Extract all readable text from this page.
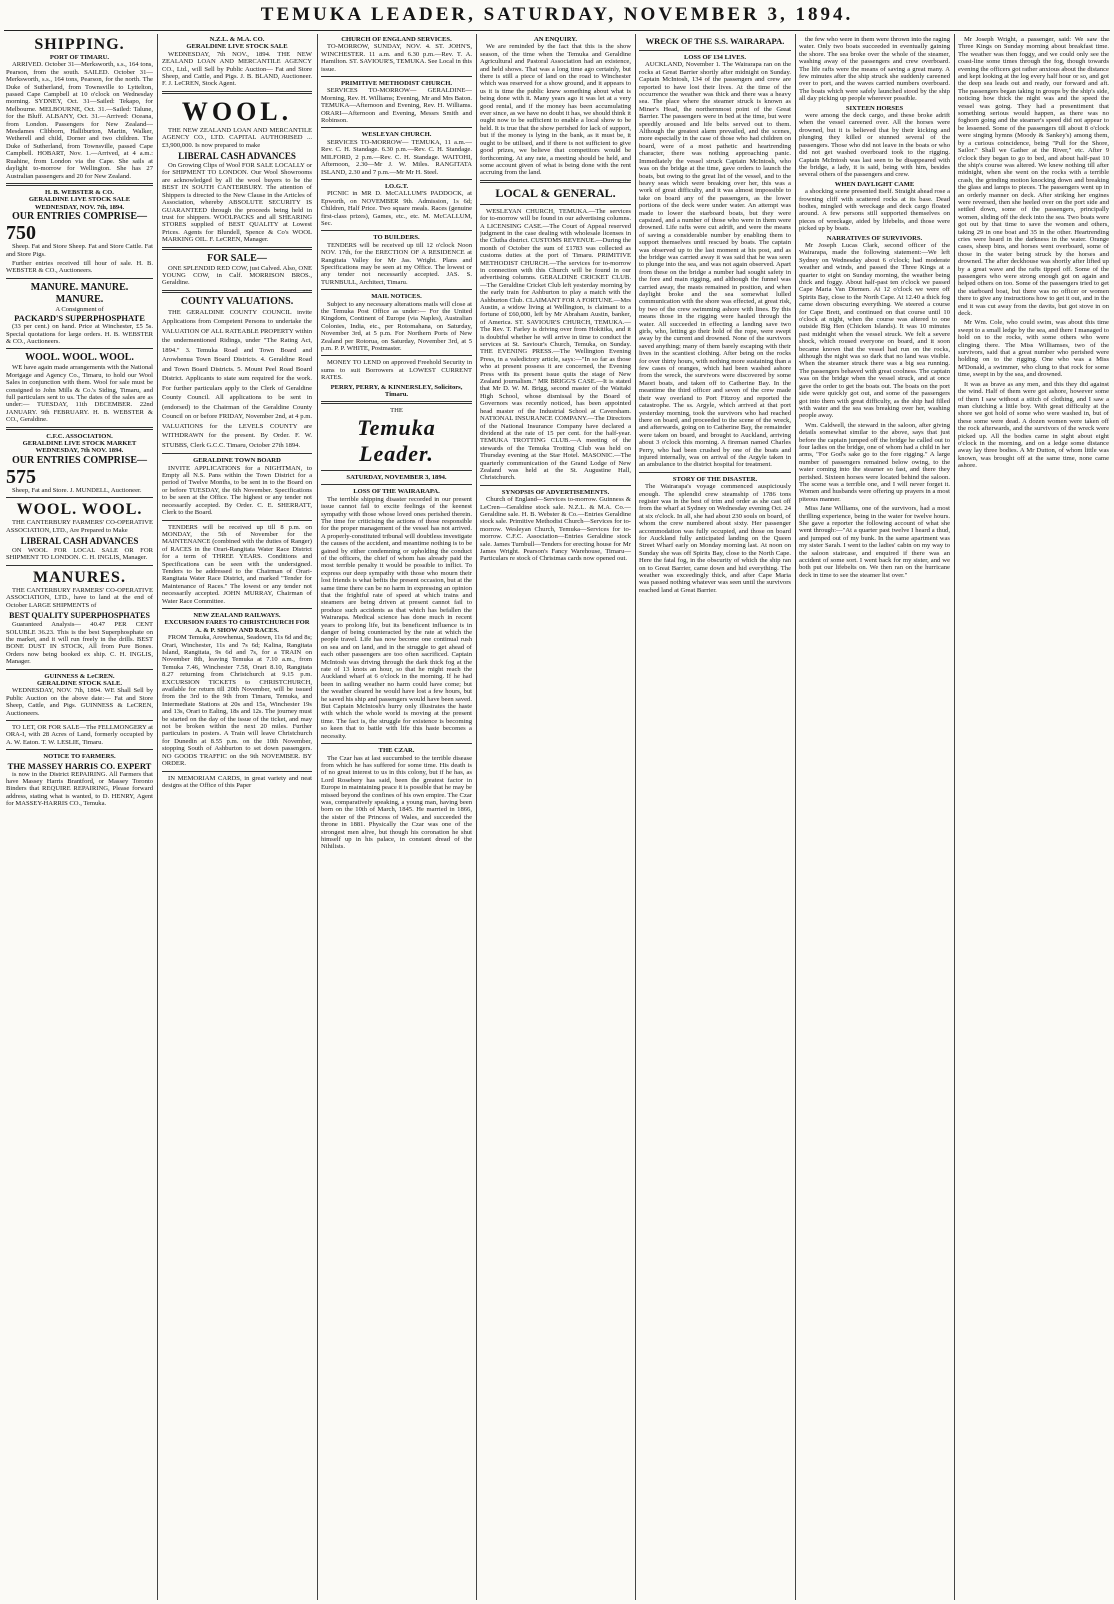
TEMUKA LEADER, SATURDAY, NOVEMBER 3, 1894.
SHIPPING.
PORT OF TIMARU.

ARRIVED. October 31—Merksworth, s.s., 164 tons, Pearson, from the south. SAILED. October 31—Merksworth, s.s., 164 tons, Pearson, for the north. The Duke of Sutherland, from Townsville to Lyttelton, passed Cape Campbell at 10 o'clock on Wednesday morning. SYDNEY, Oct. 31—Sailed: Tekapo, for Melbourne. MELBOURNE, Oct. 31.—Sailed: Talune, for the Bluff. ALBANY, Oct. 31.—Arrived: Oceana, from London. Passengers for New Zealand—Mesdames Clibborn, Halliburton, Martin, Walker, Wetherell and child, Dorner and two children. The Duke of Sutherland, from Townsville, passed Cape Campbell. HOBART, Nov. 1.—Arrived, at 4 a.m.: Ruahine, from London via the Cape. She sails at daylight to-morrow for Wellington. She has 27 Australian passengers and 20 for New Zealand.

H. B. WEBSTER & CO.
GERALDINE LIVE STOCK SALE
WEDNESDAY, NOV. 7th, 1894.
OUR ENTRIES COMPRISE—
750

Sheep. Fat and Store Sheep. Fat and Store Cattle. Fat and Store Pigs.

Further entries received till hour of sale. H. B. WEBSTER & CO., Auctioneers.

MANURE. MANURE. MANURE.
A Consignment of
PACKARD'S SUPERPHOSPHATE

(33 per cent.) on hand. Price at Winchester, £5 5s. Special quotations for large orders. H. B. WEBSTER & CO., Auctioneers.

WOOL. WOOL. WOOL.

WE have again made arrangements with the National Mortgage and Agency Co., Timaru, to hold our Wool Sales in conjunction with them. Wool for sale must be consigned to John Mills & Co.'s Siding, Timaru, and full particulars sent to us. The dates of the sales are as under:— TUESDAY, 11th DECEMBER. 22nd JANUARY. 9th FEBRUARY. H. B. WEBSTER & CO., Geraldine.

C.F.C. ASSOCIATION.
GERALDINE LIVE STOCK MARKET
WEDNESDAY, 7th NOV. 1894.
OUR ENTRIES COMPRISE—
575

Sheep, Fat and Store. J. MUNDELL, Auctioneer.

WOOL. WOOL.

THE CANTERBURY FARMERS' CO-OPERATIVE ASSOCIATION, LTD., Are Prepared to Make

LIBERAL CASH ADVANCES

ON WOOL FOR LOCAL SALE OR FOR SHIPMENT TO LONDON. C. H. INGLIS, Manager.

MANURES.

THE CANTERBURY FARMERS' CO-OPERATIVE ASSOCIATION, LTD., have to land at the end of October LARGE SHIPMENTS of

BEST QUALITY SUPERPHOSPHATES

Guaranteed Analysis— 40.47 PER CENT SOLUBLE 36.23. This is the best Superphosphate on the market, and it will run freely in the drills. BEST BONE DUST IN STOCK, All from Pure Bones. Orders now being booked ex ship. C. H. INGLIS, Manager.

GUINNESS & LeCREN.
GERALDINE STOCK SALE.

WEDNESDAY, NOV. 7th, 1894. WE Shall Sell by Public Auction on the above date:— Fat and Store Sheep, Cattle, and Pigs. GUINNESS & LeCREN, Auctioneers.

TO LET, OR FOR SALE—The FELLMONGERY at ORA-I, with 28 Acres of Land, formerly occupied by A. W. Eaton. T. W. LESLIE, Timaru.

NOTICE TO FARMERS.
THE MASSEY HARRIS CO. EXPERT

is now in the District REPAIRING. All Farmers that have Massey Harris Brantford, or Massey Toronto Binders that REQUIRE REPAIRING, Please forward address, stating what is wanted, to D. HENRY, Agent for MASSEY-HARRIS CO., Temuka.

N.Z.L. & M.A. CO.
GERALDINE LIVE STOCK SALE

WEDNESDAY, 7th NOV., 1894. THE NEW ZEALAND LOAN AND MERCANTILE AGENCY CO., Ltd., will Sell by Public Auction— Fat and Store Sheep, and Cattle, and Pigs. J. B. BLAND, Auctioneer. F. J. LeCREN, Stock Agent.

WOOL.

THE NEW ZEALAND LOAN AND MERCANTILE AGENCY CO., LTD. CAPITAL AUTHORISED ... £3,900,000. Is now prepared to make

LIBERAL CASH ADVANCES

On Growing Clips of Wool FOR SALE LOCALLY or for SHIPMENT TO LONDON. Our Wool Showrooms are acknowledged by all the wool buyers to be the BEST IN SOUTH CANTERBURY. The attention of Shippers is directed to the New Clause in the Articles of Association, whereby ABSOLUTE SECURITY IS GUARANTEED through the proceeds being held in trust for shippers. WOOLPACKS and all SHEARING STORES supplied of BEST QUALITY at Lowest Prices. Agents for Blundell, Spence & Co's WOOL MARKING OIL. F. LeCREN, Manager.

FOR SALE—

ONE SPLENDID RED COW, just Calved. Also, ONE YOUNG COW, in Calf. MORRISON BROS., Geraldine.

COUNTY VALUATIONS.

THE GERALDINE COUNTY COUNCIL invite Applications from Competent Persons to undertake the VALUATION OF ALL RATEABLE PROPERTY within the undermentioned Ridings, under "The Rating Act, 1894." 3. Temuka Road and Town Board and Arowhenua Town Board Districts. 4. Geraldine Road and Town Board Districts. 5. Mount Peel Road Board District. Applicants to state sum required for the work. For further particulars apply to the Clerk of Geraldine County Council. All applications to be sent in (endorsed) to the Chairman of the Geraldine County Council on or before FRIDAY, November 2nd, at 4 p.m. VALUATIONS for the LEVELS COUNTY are WITHDRAWN for the present. By Order. F. W. STUBBS, Clerk G.C.C. Timaru, October 27th 1894.

GERALDINE TOWN BOARD

INVITE APPLICATIONS for a NIGHTMAN, to Empty all N.S. Pans within the Town District for a period of Twelve Months, to be sent in to the Board on or before TUESDAY, the 6th November. Specifications to be seen at the Office. The highest or any tender not necessarily accepted. By Order. C. E. SHERRATT, Clerk to the Board.

TENDERS will be received up till 8 p.m. on MONDAY, the 5th of November for the MAINTENANCE (combined with the duties of Ranger) of RACES in the Orari-Rangitata Water Race District for a term of THREE YEARS. Conditions and Specifications can be seen with the undersigned. Tenders to be addressed to the Chairman of Orari-Rangitata Water Race District, and marked "Tender for Maintenance of Races." The lowest or any tender not necessarily accepted. JOHN MURRAY, Chairman of Water Race Committee.

NEW ZEALAND RAILWAYS.
EXCURSION FARES TO CHRISTCHURCH FOR A. & P. SHOW AND RACES.

FROM Temuka, Arowhenua, Seadown, 11s 6d and 8s; Orari, Winchester, 11s and 7s 6d; Kalina, Rangitata Island, Rangitata, 9s 6d and 7s, for a TRAIN on November 8th, leaving Temuka at 7.10 a.m., from Temuka 7.46, Winchester 7.58, Orari 8.10, Rangitata 8.27 returning from Christchurch at 9.15 p.m. EXCURSION TICKETS to CHRISTCHURCH, available for return till 20th November, will be issued from the 3rd to the 9th from Timaru, Temuka, and Intermediate Stations at 20s and 15s, Winchester 19s and 13s, Orari to Ealing, 18s and 12s. The journey must be started on the day of the issue of the ticket, and may not be broken within the next 20 miles. Further particulars in posters. A Train will leave Christchurch for Dunedin at 8.55 p.m. on the 10th November, stopping South of Ashburton to set down passengers. NO GOODS TRAFFIC on the 9th NOVEMBER. BY ORDER.

IN MEMORIAM CARDS, in great variety and neat designs at the Office of this Paper

CHURCH OF ENGLAND SERVICES.

TO-MORROW, SUNDAY, NOV. 4. ST. JOHN'S, WINCHESTER. 11 a.m. and 6.30 p.m.—Rev. T. A. Hamilton. ST. SAVIOUR'S, TEMUKA. See Local in this issue.

PRIMITIVE METHODIST CHURCH.

SERVICES TO-MORROW— GERALDINE—Morning, Rev. H. Williams; Evening, Mr and Mrs Baton. TEMUKA—Afternoon and Evening, Rev. H. Williams. ORARI—Afternoon and Evening, Messrs Smith and Robinson.

WESLEYAN CHURCH.

SERVICES TO-MORROW— TEMUKA, 11 a.m.—Rev. C. H. Standage. 6.30 p.m.—Rev. C. H. Standage. MILFORD, 2 p.m.—Rev. C. H. Standage. WAITOHI, Afternoon, 2.30—Mr J. W. Miles. RANGITATA ISLAND, 2.30 and 7 p.m.—Mr Mr H. Steel.

I.O.G.T.

PICNIC in MR D. McCALLUM'S PADDOCK, at Epworth, on NOVEMBER 9th. Admission, 1s 6d; Children, Half Price. Two square meals. Races (genuine first-class prizes), Games, etc., etc. M. McCALLUM, Sec.

TO BUILDERS.

TENDERS will be received up till 12 o'clock Noon NOV. 17th, for the ERECTION OF A RESIDENCE at Rangitata Valley for Mr Jas. Wright. Plans and Specifications may be seen at my Office. The lowest or any tender not necessarily accepted. JAS. S. TURNBULL, Architect, Timaru.

MAIL NOTICES.

Subject to any necessary alterations mails will close at the Temuka Post Office as under:— For the United Kingdom, Continent of Europe (via Naples), Australian Colonies, India, etc., per Rotomahana, on Saturday, November 3rd, at 5 p.m. For Northern Ports of New Zealand per Rotorua, on Saturday, November 3rd, at 5 p.m. P. P. WHITE, Postmaster.

MONEY TO LEND on approved Freehold Security in sums to suit Borrowers at LOWEST CURRENT RATES.

PERRY, PERRY, & KINNERSLEY, Solicitors, Timaru.
THE
Temuka Leader.
SATURDAY, NOVEMBER 3, 1894.
LOSS OF THE WAIRARAPA.

The terrible shipping disaster recorded in our present issue cannot fail to excite feelings of the keenest sympathy with those whose loved ones perished therein. The time for criticising the actions of those responsible for the proper management of the vessel has not arrived. A properly-constituted tribunal will doubtless investigate the causes of the accident, and meantime nothing is to be gained by either condemning or upholding the conduct of the officers, the chief of whom has already paid the most terrible penalty it would be possible to inflict. To express our deep sympathy with those who mourn their lost friends is what befits the present occasion, but at the same time there can be no harm in expressing an opinion that the frightful rate of speed at which trains and steamers are being driven at present cannot fail to produce such accidents as that which has befallen the Wairarapa. Medical science has done much in recent years to prolong life, but its beneficent influence is in danger of being counteracted by the rate at which the people travel. Life has now become one continual rush on sea and on land, and in the struggle to get ahead of each other passengers are too often sacrificed. Captain McIntosh was driving through the dark thick fog at the rate of 13 knots an hour, so that he might reach the Auckland wharf at 6 o'clock in the morning. If he had been in sailing weather no harm could have come; but the weather cleared he would have lost a few hours, but he saved his ship and passengers would have been saved. But Captain McIntosh's hurry only illustrates the haste with which the whole world is moving at the present time. The fact is, the struggle for existence is becoming so keen that to battle with life this haste becomes a necessity.

THE CZAR.

The Czar has at last succumbed to the terrible disease from which he has suffered for some time. His death is of no great interest to us in this colony, but if he has, as Lord Rosebery has said, been the greatest factor in Europe in maintaining peace it is possible that he may be missed beyond the confines of his own empire. The Czar was, comparatively speaking, a young man, having been born on the 10th of March, 1845. He married in 1866, the sister of the Princess of Wales, and succeeded the throne in 1881. Physically the Czar was one of the strongest men alive, but though his coronation he shut himself up in his palace, in constant dread of the Nihilists.

AN ENQUIRY.

We are reminded by the fact that this is the show season, of the time when the Temuka and Geraldine Agricultural and Pastoral Association had an existence, and held shows. That was a long time ago certainly, but there is still a piece of land on the road to Winchester which was reserved for a show ground, and it appears to us it is time the public knew something about what is being done with it. Many years ago it was let at a very good rental, and if the money has been accumulating ever since, as we have no doubt it has, we should think it ought now to be sufficient to enable a local show to be held. It is true that the show perished for lack of support, but if the money is lying in the bank, as it must be, it ought to be utilised, and if there is not sufficient to give good prizes, we believe that competitors would be forthcoming. At any rate, a meeting should be held, and some account given of what is being done with the rent accruing from the land.

LOCAL & GENERAL.

WESLEYAN CHURCH, TEMUKA.—The services for to-morrow will be found in our advertising columns. A LICENSING CASE.—The Court of Appeal reserved judgment in the case dealing with wholesale licenses in the Clutha district. CUSTOMS REVENUE.—During the month of October the sum of £1783 was collected as customs duties at the port of Timaru. PRIMITIVE METHODIST CHURCH.—The services for to-morrow in connection with this Church will be found in our advertising columns. GERALDINE CRICKET CLUB.—The Geraldine Cricket Club left yesterday morning by the early train for Ashburton to play a match with the Ashburton Club. CLAIMANT FOR A FORTUNE.—Mrs Austin, a widow living at Wellington, is claimant to a fortune of £60,000, left by Mr Abraham Austin, banker, of America. ST. SAVIOUR'S CHURCH, TEMUKA.—The Rev. T. Farley is driving over from Hokitika, and it is doubtful whether he will arrive in time to conduct the services at St. Saviour's Church, Temuka, on Sunday. THE EVENING PRESS.—The Wellington Evening Press, in a valedictory article, says:—"In so far as those who at present possess it are concerned, the Evening Press with its present issue quits the stage of New Zealand journalism." MR BRIGG'S CASE.—It is stated that Mr D. W. M. Brigg, second master of the Waitaki High School, whose dismissal by the Board of Governors was recently noticed, has been appointed head master of the Industrial School at Caversham. NATIONAL INSURANCE COMPANY.—The Directors of the National Insurance Company have declared a dividend at the rate of 15 per cent. for the half-year. TEMUKA TROTTING CLUB.—A meeting of the stewards of the Temuka Trotting Club was held on Thursday evening at the Star Hotel. MASONIC.—The quarterly communication of the Grand Lodge of New Zealand was held at the St. Augustine Hall, Christchurch.

SYNOPSIS OF ADVERTISEMENTS.

Church of England—Services to-morrow. Guinness & LeCren—Geraldine stock sale. N.Z.L. & M.A. Co.—Geraldine sale. H. B. Webster & Co.—Entries Geraldine stock sale. Primitive Methodist Church—Services for to-morrow. Wesleyan Church, Temuka—Services for to-morrow. C.F.C. Association—Entries Geraldine stock sale. James Turnbull—Tenders for erecting house for Mr James Wright. Pearson's Fancy Warehouse, Timaru—Particulars re stock of Christmas cards now opened out.

WRECK OF THE S.S. WAIRARAPA.
LOSS OF 134 LIVES.

AUCKLAND, November 1. The Wairarapa ran on the rocks at Great Barrier shortly after midnight on Sunday. Captain McIntosh, 134 of the passengers and crew are reported to have lost their lives. At the time of the occurrence the weather was thick and there was a heavy sea. The place where the steamer struck is known as Miner's Head, the northernmost point of the Great Barrier. The passengers were in bed at the time, but were speedily aroused and life belts served out to them. Although the greatest alarm prevailed, and the scenes, more especially in the case of those who had children on board, were of a most pathetic and heartrending character, there was nothing approaching panic. Immediately the vessel struck Captain McIntosh, who was on the bridge at the time, gave orders to launch the boats, but owing to the great list of the vessel, and to the heavy seas which were breaking over her, this was a work of great difficulty, and it was almost impossible to take on board any of the passengers, as the lower portions of the deck were under water. An attempt was made to lower the starboard boats, but they were capsized, and a number of those who were in them were drowned. Life rafts were cut adrift, and were the means of saving a considerable number by enabling them to support themselves until rescued by boats. The captain was observed up to the last moment at his post, and as the bridge was carried away it was said that he was seen to plunge into the sea, and was not again observed. Apart from these on the bridge a number had sought safety in the fore and main rigging, and although the funnel was carried away, the masts remained in position, and when daylight broke and the sea somewhat lulled communication with the shore was effected, at great risk, by two of the crew swimming ashore with lines. By this means those in the rigging were hauled through the water. All succeeded in effecting a landing save two girls, who, letting go their hold of the rope, were swept away by the current and drowned. None of the survivors saved anything; many of them barely escaping with their lives in the scantiest clothing. After being on the rocks for over thirty hours, with nothing more sustaining than a few cases of oranges, which had been washed ashore from the wreck, the survivors were discovered by some Maori boats, and taken off to Catherine Bay. In the meantime the third officer and seven of the crew made their way overland to Port Fitzroy and reported the catastrophe. The ss. Argyle, which arrived at that port yesterday morning, took the survivors who had reached there on board, and proceeded to the scene of the wreck, and afterwards, going on to Catherine Bay, the remainder were taken on board, and brought to Auckland, arriving about 3 o'clock this morning. A fireman named Charles Perry, who had been crushed by one of the boats and injured internally, was on arrival of the Argyle taken in an ambulance to the district hospital for treatment.

STORY OF THE DISASTER.

The Wairarapa's voyage commenced auspiciously enough. The splendid crew steamship of 1786 tons register was in the best of trim and order as she cast off from the wharf at Sydney on Wednesday evening Oct. 24 at six o'clock. In all, she had about 230 souls on board, of whom the crew numbered about sixty. Her passenger accommodation was fully occupied, and those on board for Auckland fully anticipated landing on the Queen Street Wharf early on Monday morning last. At noon on Sunday she was off Spirits Bay, close to the North Cape. Here the fatal fog, in the obscurity of which the ship ran on to Great Barrier, came down and hid everything. The weather was exceedingly thick, and after Cape Maria was passed nothing whatever was seen until the survivors reached land at Great Barrier.

the few who were in them were thrown into the raging water. Only two boats succeeded in eventually gaining the shore. The sea broke over the whole of the steamer, washing away of the passengers and crew overboard. The life rafts were the means of saving a great many. A few minutes after the ship struck she suddenly careened over to port, and the waves carried numbers overboard. The boats which were safely launched stood by the ship all day picking up people wherever possible.

SIXTEEN HORSES

were among the deck cargo, and these broke adrift when the vessel careened over. All the horses were drowned, but it is believed that by their kicking and plunging they killed or stunned several of the passengers. Those who did not leave in the boats or who did not get washed overboard took to the rigging. Captain McIntosh was last seen to be disappeared with the bridge, a lady, it is said, being with him, besides several others of the passengers and crew.

WHEN DAYLIGHT CAME

a shocking scene presented itself. Straight ahead rose a frowning cliff with scattered rocks at its base. Dead bodies, mingled with wreckage and deck cargo floated around. A few persons still supported themselves on pieces of wreckage, aided by lifebelts, and those were picked up by boats.

NARRATIVES OF SURVIVORS.

Mr Joseph Lucas Clark, second officer of the Wairarapa, made the following statement:—We left Sydney on Wednesday about 6 o'clock; had moderate weather and winds, and passed the Three Kings at a quarter to eight on Sunday morning, the weather being thick and foggy. About half-past ten o'clock we passed Cape Maria Van Diemen. At 12 o'clock we were off Spirits Bay, close to the North Cape. At 12.40 a thick fog came down obscuring everything. We steered a course for Cape Brett, and continued on that course until 10 o'clock at night, when the course was altered to one outside Big Hen (Chicken Islands). It was 10 minutes past midnight when the vessel struck. We felt a severe shock, which roused everyone on board, and it soon became known that the vessel had run on the rocks, although the night was so dark that no land was visible. When the steamer struck there was a big sea running. The passengers behaved with great coolness. The captain was on the bridge when the vessel struck, and at once gave the order to get the boats out. The boats on the port side were quickly got out, and some of the passengers got into them with great difficulty, as the ship had filled with water and the sea was breaking over her, washing people away.

Wm. Caldwell, the steward in the saloon, after giving details somewhat similar to the above, says that just before the captain jumped off the bridge he called out to four ladies on the bridge, one of whom had a child in her arms, "For God's sake go to the fore rigging." A large number of passengers remained below owing, to the water coming into the steamer so fast, and there they perished. Sixteen horses were located behind the saloon. The scene was a terrible one, and I will never forget it. Women and husbands were offering up prayers in a most piteous manner.

Miss Jane Williams, one of the survivors, had a most thrilling experience, being in the water for twelve hours. She gave a reporter the following account of what she went through:—"At a quarter past twelve I heard a thud, and jumped out of my bunk. In the same apartment was my sister Sarah. I went to the ladies' cabin on my way to the saloon staircase, and enquired if there was an accident of some sort. I went back for my sister, and we both put our lifebelts on. We then ran on the hurricane deck in time to see the steamer list over."

Mr Joseph Wright, a passenger, said: We saw the Three Kings on Sunday morning about breakfast time. The weather was then foggy, and we could only see the coast-line some times through the fog, though towards evening the officers got rather anxious about the distance and kept looking at the log every half hour or so, and got the deep sea leads out and ready, our forward and aft. The passengers began taking in groups by the ship's side, noticing how thick the night was and the speed the vessel was going. They had a presentiment that something serious would happen, as there was no foghorn going and the steamer's speed did not appear to be lessened. Some of the passengers till about 8 o'clock were singing hymns (Moody & Sankey's) among them, by a curious coincidence, being "Pull for the Shore, Sailor." Shall we Gather at the River," etc. After 9 o'clock they began to go to bed, and about half-past 10 the ship's course was altered. We knew nothing till after midnight, when she went on the rocks with a terrible crash, the grinding motion knocking down and breaking the glass and lamps to pieces. The passengers went up in an orderly manner on deck. After striking her engines were reversed, then she heeled over on the port side and settled down, some of the passengers, principally women, sliding off the deck into the sea. Two boats were got out by that time to save the women and others, taking 29 in one boat and 35 in the other. Heartrending cries were heard in the darkness in the water. Orange cases, sheep bins, and horses went overboard, some of those in the water being struck by the horses and drowned. The after deckhouse was shortly after lifted up by a great wave and the rafts tipped off. Some of the passengers who were strong enough got on again and helped others on too. Some of the passengers tried to get the starboard boat, but there was no officer or women there to give any instructions how to get it out, and in the end it was cut away from the davits, but got stove in on deck.

Mr Wm. Cole, who could swim, was about this time swept to a small ledge by the sea, and there I managed to hold on to the rocks, with some others who were clinging there. The Miss Williamses, two of the survivors, said that a great number who perished were holding on to the rigging. One who was a Miss M'Donald, a swimmer, who clung to that rock for some time, swept in by the sea, and drowned.

It was as brave as any men, and this they did against the wind. Half of them were got ashore, however some of them I saw without a stitch of clothing, and I saw a man clutching a little boy. With great difficulty at the shore we got hold of some who were washed in, but of these some were dead. A dozen women were taken off the rock afterwards, and the survivors of the wreck were picked up. All the bodies came in sight about eight o'clock in the morning, and on a ledge some distance away lay three bodies. A Mr Dutton, of whom little was known, was brought off at the same time, none came ashore.
